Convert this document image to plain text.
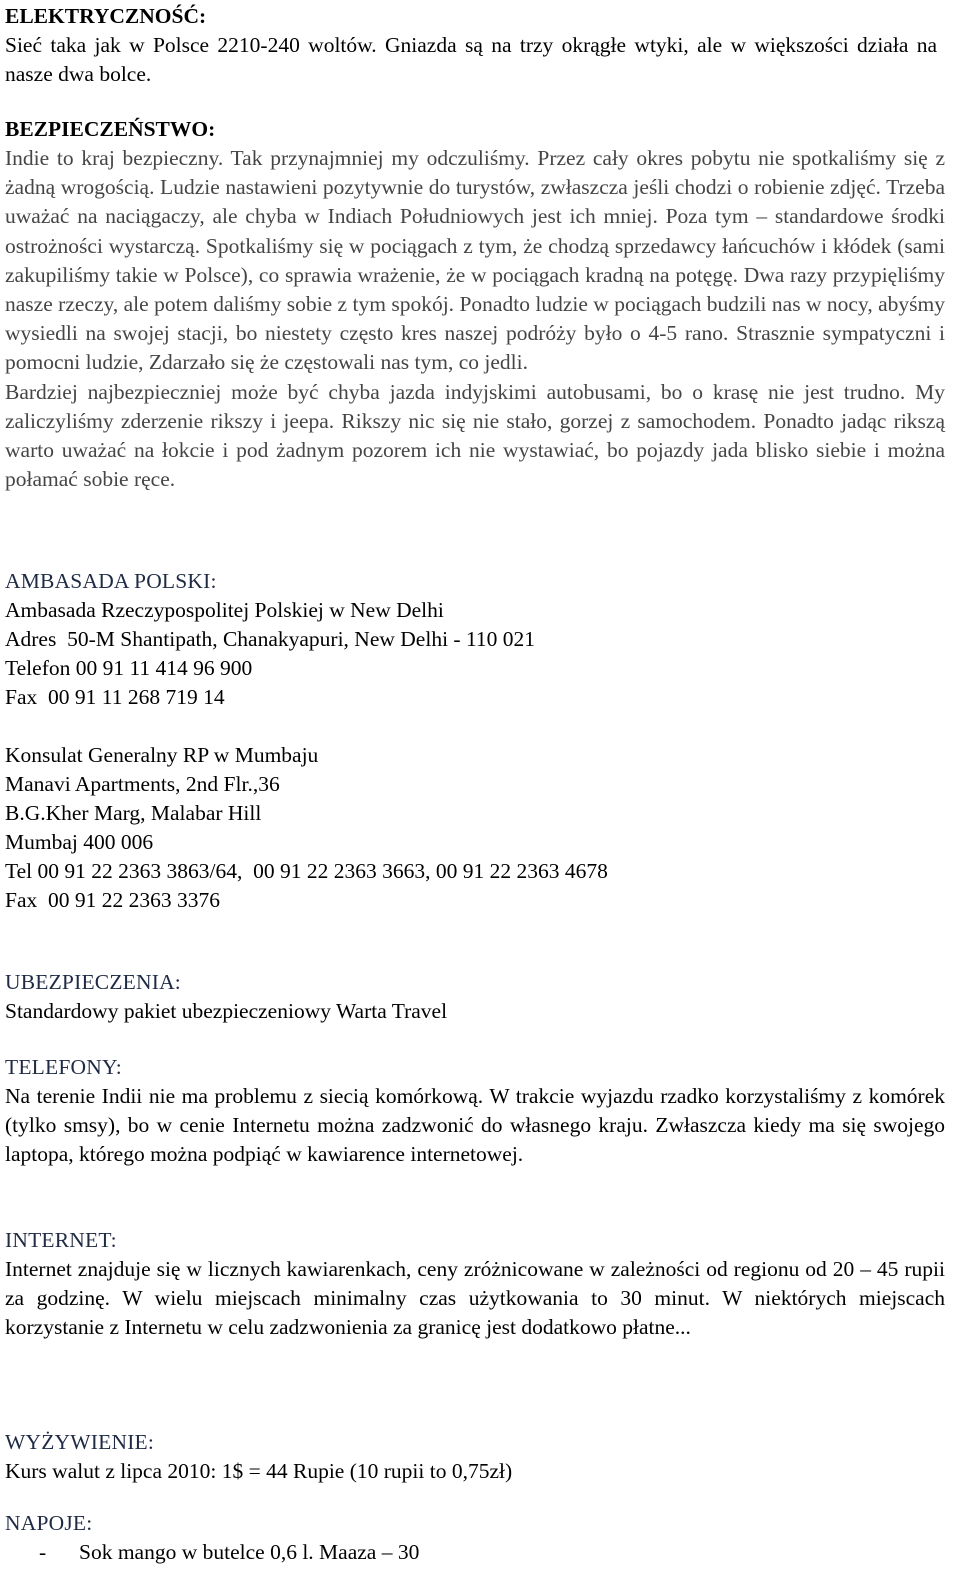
ELEKTRYCZNOŚĆ:
Sieć taka jak w Polsce 2210-240 woltów. Gniazda są na trzy okrągłe wtyki, ale w większości działa na nasze dwa bolce.
BEZPIECZEŃSTWO:
Indie to kraj bezpieczny. Tak przynajmniej my odczuliśmy. Przez cały okres pobytu nie spotkaliśmy się z żadną wrogością. Ludzie nastawieni pozytywnie do turystów, zwłaszcza jeśli chodzi o robienie zdjęć. Trzeba uważać na naciągaczy, ale chyba w Indiach Południowych jest ich mniej. Poza tym – standardowe środki ostrożności wystarczą. Spotkaliśmy się w pociągach z tym, że chodzą sprzedawcy łańcuchów i kłódek (sami zakupiliśmy takie w Polsce), co sprawia wrażenie, że w pociągach kradną na potęgę. Dwa razy przypięliśmy nasze rzeczy, ale potem daliśmy sobie z tym spokój. Ponadto ludzie w pociągach budzili nas w nocy, abyśmy wysiedli na swojej stacji, bo niestety często kres naszej podróży było o 4-5 rano. Strasznie sympatyczni i pomocni ludzie, Zdarzało się że częstowali nas tym, co jedli.
Bardziej najbezpieczniej może być chyba jazda indyjskimi autobusami, bo o krasę nie jest trudno. My zaliczyliśmy zderzenie rikszy i jeepa. Rikszy nic się nie stało, gorzej z samochodem. Ponadto jadąc rikszą warto uważać na łokcie i pod żadnym pozorem ich nie wystawiać, bo pojazdy jada blisko siebie i można połamać sobie ręce.
AMBASADA POLSKI:
Ambasada Rzeczypospolitej Polskiej w New Delhi
Adres  50-M Shantipath, Chanakyapuri, New Delhi - 110 021
Telefon 00 91 11 414 96 900
Fax  00 91 11 268 719 14
Konsulat Generalny RP w Mumbaju
Manavi Apartments, 2nd Flr.,36
B.G.Kher Marg, Malabar Hill
Mumbaj 400 006
Tel 00 91 22 2363 3863/64,  00 91 22 2363 3663, 00 91 22 2363 4678
Fax  00 91 22 2363 3376
UBEZPIECZENIA:
Standardowy pakiet ubezpieczeniowy Warta Travel
TELEFONY:
Na terenie Indii nie ma problemu z siecią komórkową. W trakcie wyjazdu rzadko korzystaliśmy z komórek (tylko smsy), bo w cenie Internetu można zadzwonić do własnego kraju. Zwłaszcza kiedy ma się swojego laptopa, którego można podpiąć w kawiarence internetowej.
INTERNET:
Internet znajduje się w licznych kawiarenkach, ceny zróżnicowane w zależności od regionu od 20 – 45 rupii za godzinę. W wielu miejscach minimalny czas użytkowania to 30 minut. W niektórych miejscach korzystanie z Internetu w celu zadzwonienia za granicę jest dodatkowo płatne...
WYŻYWIENIE:
Kurs walut z lipca 2010: 1$ = 44 Rupie (10 rupii to 0,75zł)
NAPOJE:
- Sok mango w butelce 0,6 l. Maaza – 30
